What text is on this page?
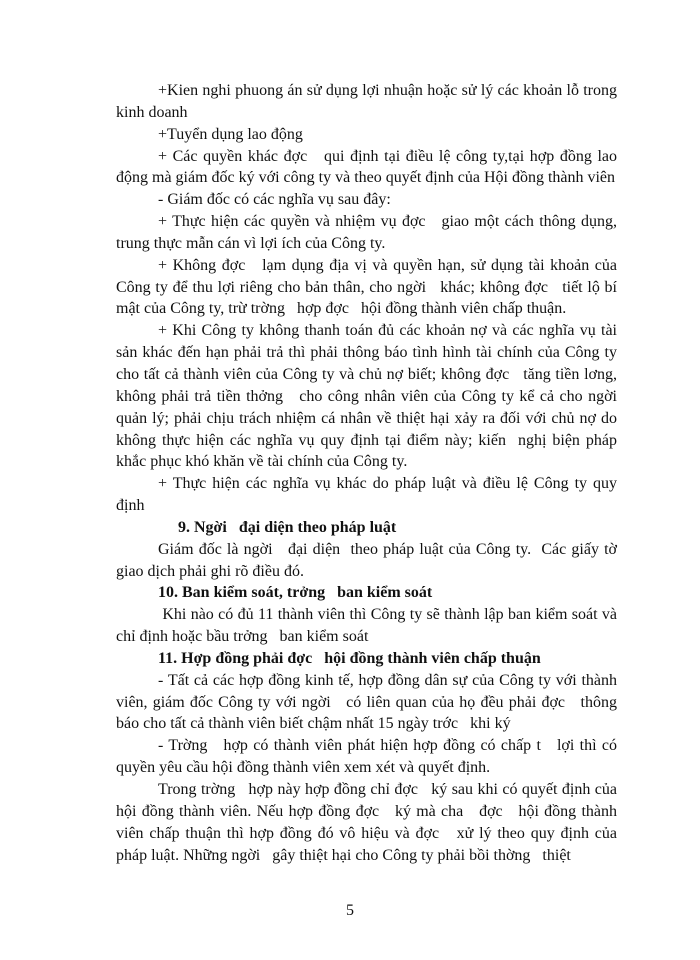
+Kien nghi phuong án sử dụng lợi nhuận hoặc sử lý các khoản lỗ trong kinh doanh

+Tuyển dụng lao động

+ Các quyền khác đợc   qui định tại điều lệ công ty,tại hợp đồng lao động mà giám đốc ký với công ty và theo quyết định của Hội đồng thành viên

- Giám đốc có các nghĩa vụ sau đây:

+ Thực hiện các quyền và nhiệm vụ đợc   giao một cách thông dụng, trung thực mẫn cán vì lợi ích của Công ty.

+ Không đợc   lạm dụng địa vị và quyền hạn, sử dụng tài khoản của Công ty để thu lợi riêng cho bản thân, cho ngời   khác; không đợc   tiết lộ bí mật của Công ty, trừ trờng   hợp đợc   hội đồng thành viên chấp thuận.

+ Khi Công ty không thanh toán đủ các khoản nợ và các nghĩa vụ tài sản khác đến hạn phải trả thì phải thông báo tình hình tài chính của Công ty cho tất cả thành viên của Công ty và chủ nợ biết; không đợc   tăng tiền lơng,  không phải trả tiền thởng   cho công nhân viên của Công ty kể cả cho ngời   quản lý; phải chịu trách nhiệm cá nhân về thiệt hại xảy ra đối với chủ nợ do không thực hiện các nghĩa vụ quy định tại điểm này; kiến  nghị biện pháp khắc phục khó khăn về tài chính của Công ty.

+ Thực hiện các nghĩa vụ khác do pháp luật và điều lệ Công ty quy định

9. Ngời   đại diện theo pháp luật

Giám đốc là ngời   đại diện  theo pháp luật của Công ty.  Các giấy tờ giao dịch phải ghi rõ điều đó.

10. Ban kiểm soát, trởng   ban kiểm soát

Khi nào có đủ 11 thành viên thì Công ty sẽ thành lập ban kiểm soát và chỉ định hoặc bầu trởng   ban kiểm soát

11. Hợp đồng phải đợc   hội đồng thành viên chấp thuận

- Tất cả các hợp đồng kinh tế, hợp đồng dân sự của Công ty với thành viên, giám đốc Công ty với ngời   có liên quan của họ đều phải đợc   thông báo cho tất cả thành viên biết chậm nhất 15 ngày trớc   khi ký

- Trờng   hợp có thành viên phát hiện hợp đồng có chấp t   lợi thì có quyền yêu cầu hội đồng thành viên xem xét và quyết định.

Trong trờng   hợp này hợp đồng chỉ đợc   ký sau khi có quyết định của hội đồng thành viên. Nếu hợp đồng đợc   ký mà cha   đợc   hội đồng thành viên chấp thuận thì hợp đồng đó vô hiệu và đợc   xử lý theo quy định của pháp luật. Những ngời   gây thiệt hại cho Công ty phải bồi thờng   thiệt

5
